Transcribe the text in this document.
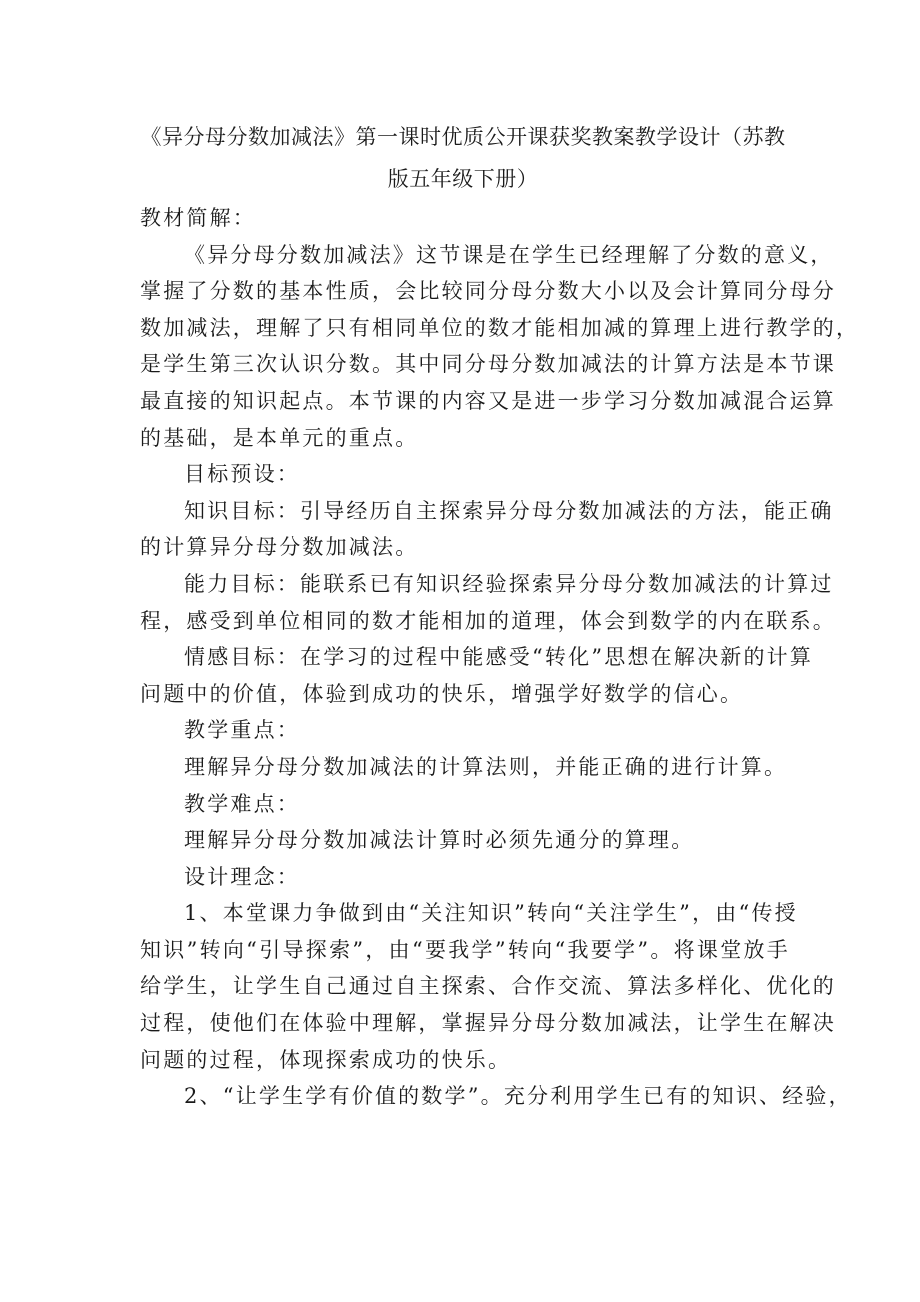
《异分母分数加减法》第一课时优质公开课获奖教案教学设计（苏教
版五年级下册）
教材简解：
《异分母分数加减法》这节课是在学生已经理解了分数的意义，
掌握了分数的基本性质，会比较同分母分数大小以及会计算同分母分
数加减法，理解了只有相同单位的数才能相加减的算理上进行教学的，
是学生第三次认识分数。其中同分母分数加减法的计算方法是本节课
最直接的知识起点。本节课的内容又是进一步学习分数加减混合运算
的基础，是本单元的重点。
目标预设：
知识目标：引导经历自主探索异分母分数加减法的方法，能正确
的计算异分母分数加减法。
能力目标：能联系已有知识经验探索异分母分数加减法的计算过
程，感受到单位相同的数才能相加的道理，体会到数学的内在联系。
情感目标：在学习的过程中能感受“转化”思想在解决新的计算
问题中的价值，体验到成功的快乐，增强学好数学的信心。
教学重点：
理解异分母分数加减法的计算法则，并能正确的进行计算。
教学难点：
理解异分母分数加减法计算时必须先通分的算理。
设计理念：
1、本堂课力争做到由“关注知识”转向“关注学生”，由“传授
知识”转向“引导探索”，由“要我学”转向“我要学”。将课堂放手
给学生，让学生自己通过自主探索、合作交流、算法多样化、优化的
过程，使他们在体验中理解，掌握异分母分数加减法，让学生在解决
问题的过程，体现探索成功的快乐。
2、“让学生学有价值的数学”。充分利用学生已有的知识、经验，
